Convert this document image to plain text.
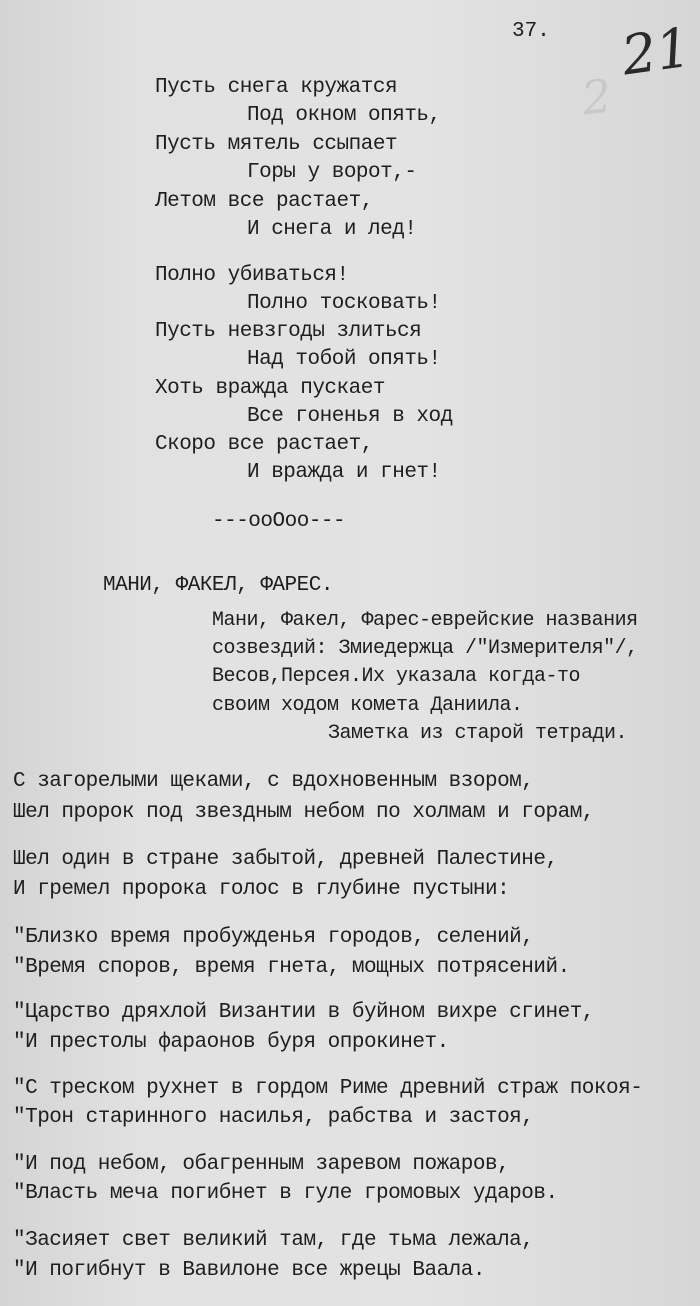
37.
2
21
Пусть снега кружатся
Под окном опять,
Пусть мятель ссыпает
Горы у ворот,-
Летом все растает,
И снега и лед!
Полно убиваться!
Полно тосковать!
Пусть невзгоды злиться
Над тобой опять!
Хоть вражда пускает
Все гоненья в ход
Скоро все растает,
И вражда и гнет!
---ooOoo---
МАНИ, ФАКЕЛ, ФАРЕС.
Мани, Факел, Фарес-еврейские названия
созвездий: Змиедержца /"Измерителя"/,
Весов,Персея.Их указала когда-то
своим ходом комета Даниила.
Заметка из старой тетради.
С загорелыми щеками, с вдохновенным взором,
Шел пророк под звездным небом по холмам и горам,
Шел один в стране забытой, древней Палестине,
И гремел пророка голос в глубине пустыни:
"Близко время пробужденья городов, селений,
"Время споров, время гнета, мощных потрясений.
"Царство дряхлой Византии в буйном вихре сгинет,
"И престолы фараонов буря опрокинет.
"С треском рухнет в гордом Риме древний страж покоя-
"Трон старинного насилья, рабства и застоя,
"И под небом, обагренным заревом пожаров,
"Власть меча погибнет в гуле громовых ударов.
"Засияет свет великий там, где тьма лежала,
"И погибнут в Вавилоне все жрецы Ваала.
